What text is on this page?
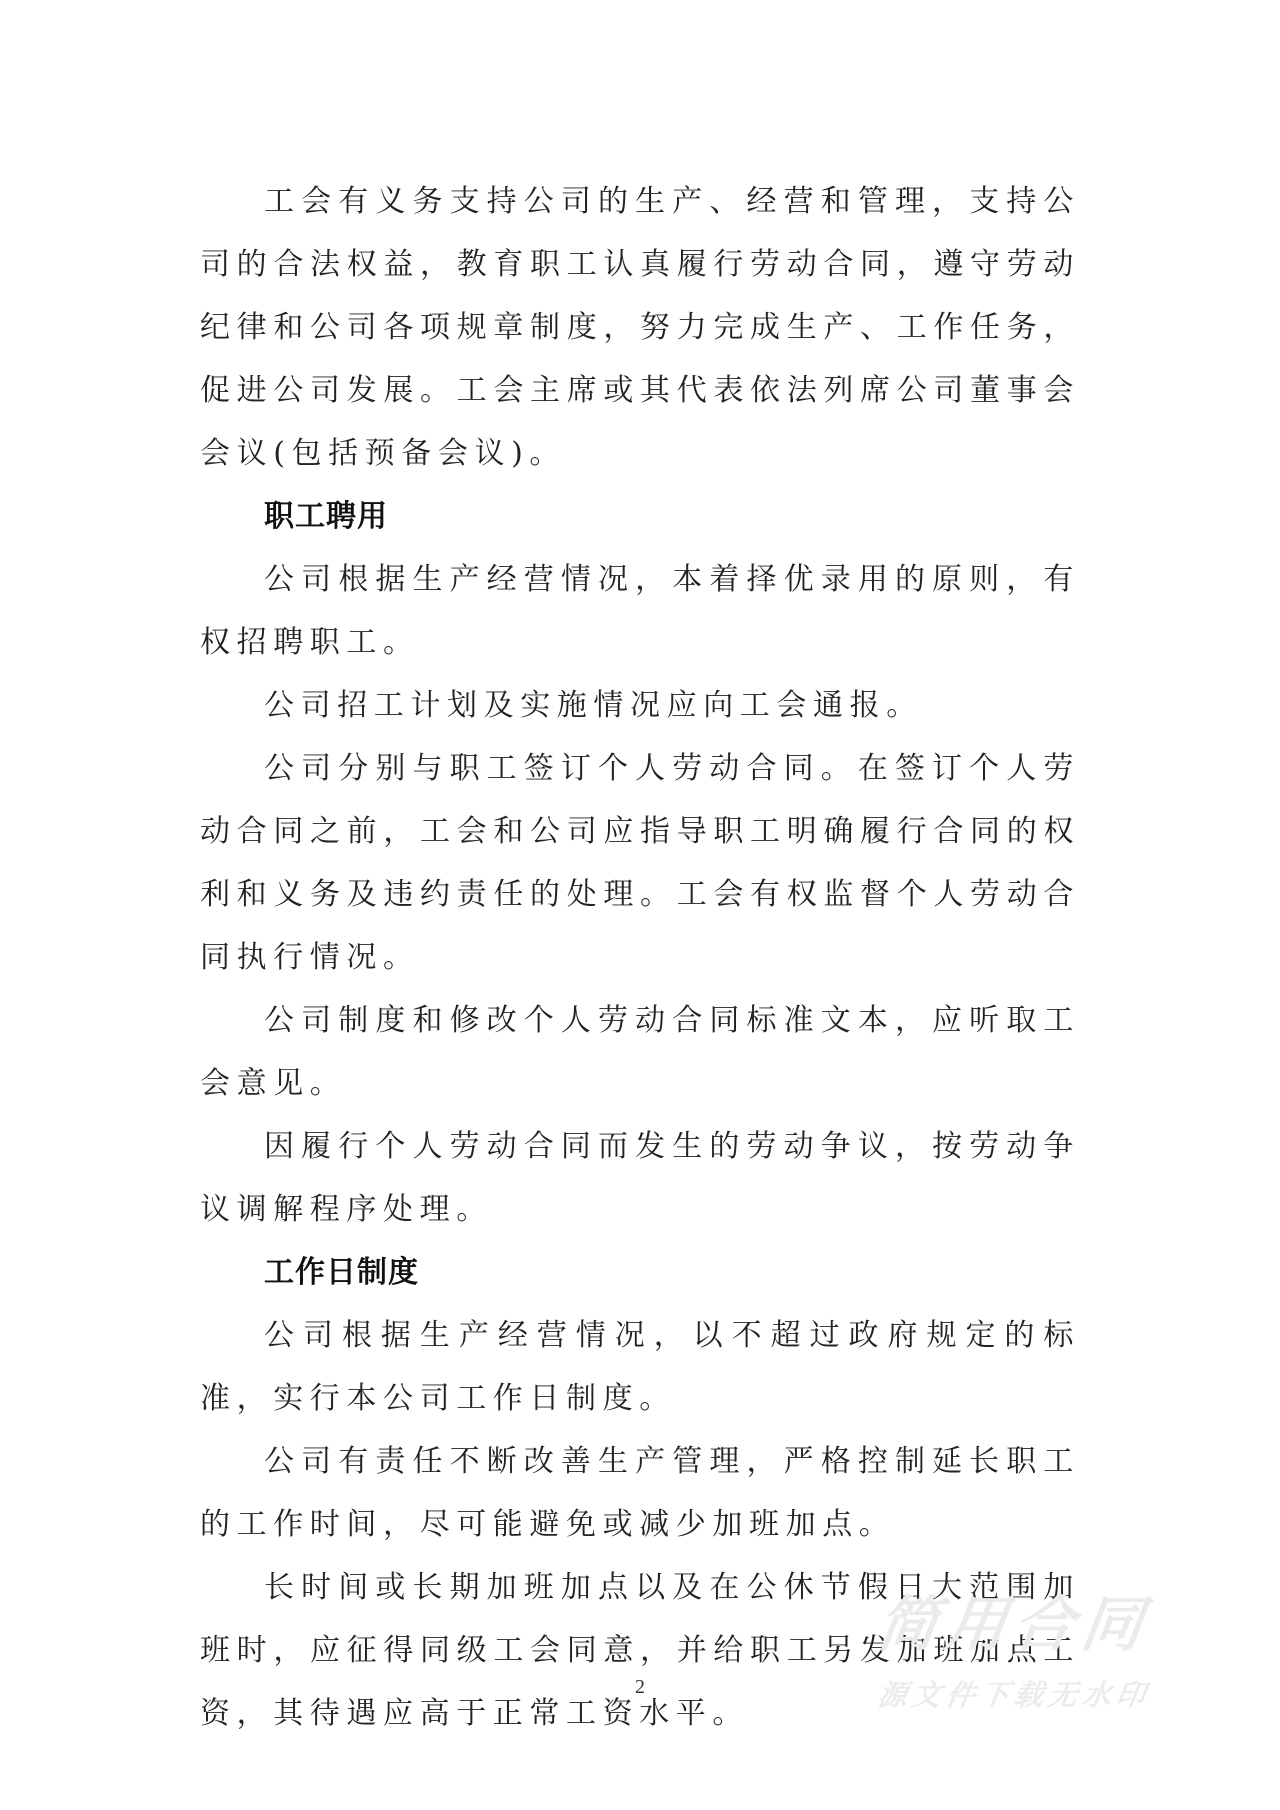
工会有义务支持公司的生产、经营和管理，支持公司的合法权益，教育职工认真履行劳动合同，遵守劳动纪律和公司各项规章制度，努力完成生产、工作任务，促进公司发展。工会主席或其代表依法列席公司董事会会议(包括预备会议)。

职工聘用

公司根据生产经营情况，本着择优录用的原则，有权招聘职工。

公司招工计划及实施情况应向工会通报。

公司分别与职工签订个人劳动合同。在签订个人劳动合同之前，工会和公司应指导职工明确履行合同的权利和义务及违约责任的处理。工会有权监督个人劳动合同执行情况。

公司制度和修改个人劳动合同标准文本，应听取工会意见。

因履行个人劳动合同而发生的劳动争议，按劳动争议调解程序处理。

工作日制度

公司根据生产经营情况，以不超过政府规定的标准，实行本公司工作日制度。

公司有责任不断改善生产管理，严格控制延长职工的工作时间，尽可能避免或减少加班加点。

长时间或长期加班加点以及在公休节假日大范围加班时，应征得同级工会同意，并给职工另发加班加点工资，其待遇应高于正常工资水平。

2
简用合同
源文件下载无水印
